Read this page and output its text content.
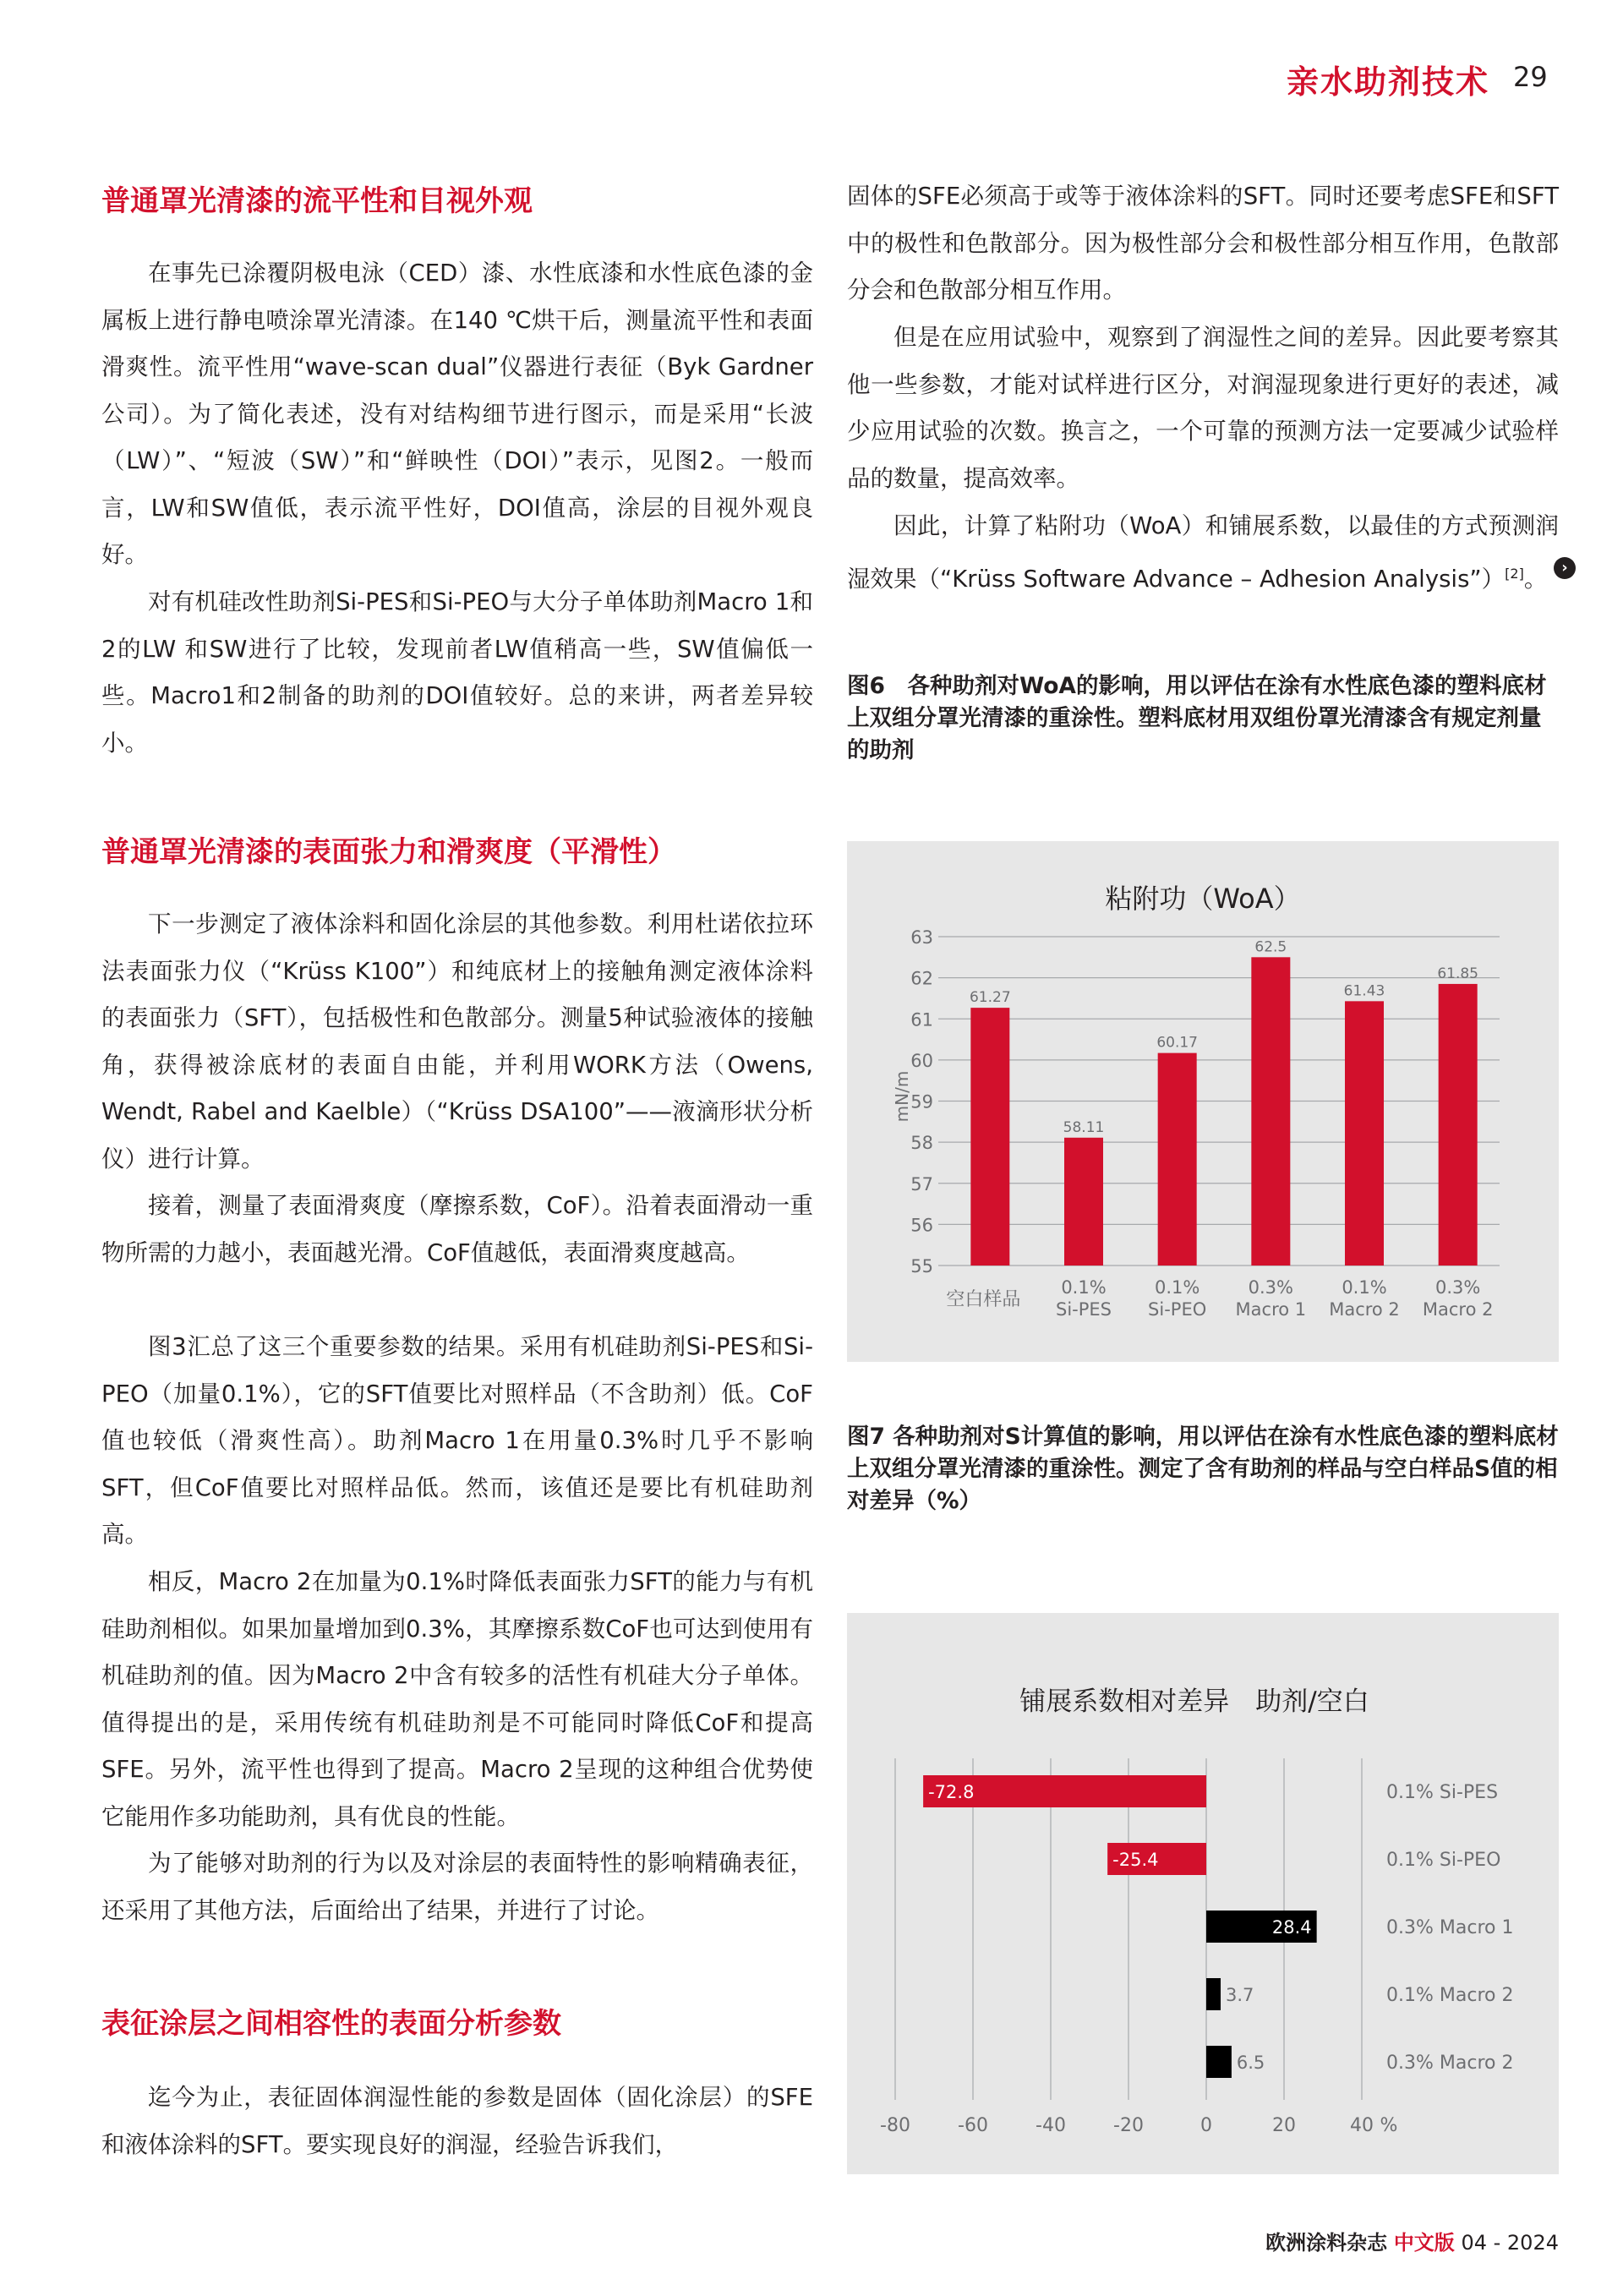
亲水助剂技术 29
普通罩光清漆的流平性和目视外观

在事先已涂覆阴极电泳（CED）漆、水性底漆和水性底色漆的金属板上进行静电喷涂罩光清漆。在140 ℃烘干后，测量流平性和表面滑爽性。流平性用“wave-scan dual”仪器进行表征（Byk Gardner公司）。为了简化表述，没有对结构细节进行图示，而是采用“长波（LW）”、“短波（SW）”和“鲜映性（DOI）”表示，见图2。一般而言，LW和SW值低，表示流平性好，DOI值高，涂层的目视外观良好。

对有机硅改性助剂Si-PES和Si-PEO与大分子单体助剂Macro 1和2的LW 和SW进行了比较，发现前者LW值稍高一些，SW值偏低一些。Macro1和2制备的助剂的DOI值较好。总的来讲，两者差异较小。

普通罩光清漆的表面张力和滑爽度（平滑性）

下一步测定了液体涂料和固化涂层的其他参数。利用杜诺依拉环法表面张力仪（“Krüss K100”）和纯底材上的接触角测定液体涂料的表面张力（SFT），包括极性和色散部分。测量5种试验液体的接触角，获得被涂底材的表面自由能，并利用WORK方法（Owens, Wendt, Rabel and Kaelble）（“Krüss DSA100”——液滴形状分析仪）进行计算。

接着，测量了表面滑爽度（摩擦系数，CoF）。沿着表面滑动一重物所需的力越小，表面越光滑。CoF值越低，表面滑爽度越高。

图3汇总了这三个重要参数的结果。采用有机硅助剂Si-PES和Si-PEO（加量0.1%），它的SFT值要比对照样品（不含助剂）低。CoF值也较低（滑爽性高）。助剂Macro 1在用量0.3%时几乎不影响SFT，但CoF值要比对照样品低。然而，该值还是要比有机硅助剂高。

相反，Macro 2在加量为0.1%时降低表面张力SFT的能力与有机硅助剂相似。如果加量增加到0.3%，其摩擦系数CoF也可达到使用有机硅助剂的值。因为Macro 2中含有较多的活性有机硅大分子单体。值得提出的是，采用传统有机硅助剂是不可能同时降低CoF和提高SFE。另外，流平性也得到了提高。Macro 2呈现的这种组合优势使它能用作多功能助剂，具有优良的性能。

为了能够对助剂的行为以及对涂层的表面特性的影响精确表征，还采用了其他方法，后面给出了结果，并进行了讨论。

表征涂层之间相容性的表面分析参数

迄今为止，表征固体润湿性能的参数是固体（固化涂层）的SFE和液体涂料的SFT。要实现良好的润湿，经验告诉我们，

固体的SFE必须高于或等于液体涂料的SFT。同时还要考虑SFE和SFT中的极性和色散部分。因为极性部分会和极性部分相互作用，色散部分会和色散部分相互作用。

但是在应用试验中，观察到了润湿性之间的差异。因此要考察其他一些参数，才能对试样进行区分，对润湿现象进行更好的表述，减少应用试验的次数。换言之，一个可靠的预测方法一定要减少试验样品的数量，提高效率。

因此，计算了粘附功（WoA）和铺展系数，以最佳的方式预测润湿效果（“Krüss Software Advance – Adhesion Analysis”）[2]。

图6　各种助剂对WoA的影响，用以评估在涂有水性底色漆的塑料底材上双组分罩光清漆的重涂性。塑料底材用双组份罩光清漆含有规定剂量的助剂

图7 各种助剂对S计算值的影响，用以评估在涂有水性底色漆的塑料底材上双组分罩光清漆的重涂性。测定了含有助剂的样品与空白样品S值的相对差异（%）

›
粘附功（WoA）
mN/m
55
56
57
58
59
60
61
62
63
61.27
58.11
60.17
62.5
61.43
61.85
空白样品
0.1%
Si-PES
0.1%
Si-PEO
0.3%
Macro 1
0.1%
Macro 2
0.3%
Macro 2
铺展系数相对差异　助剂/空白
-72.8
-25.4
28.4
3.7
6.5
0.1% Si-PES
0.1% Si-PEO
0.3% Macro 1
0.1% Macro 2
0.3% Macro 2
-80	-60	-40	-20	0	20	40 %
欧洲涂料杂志 中文版 04 - 2024
